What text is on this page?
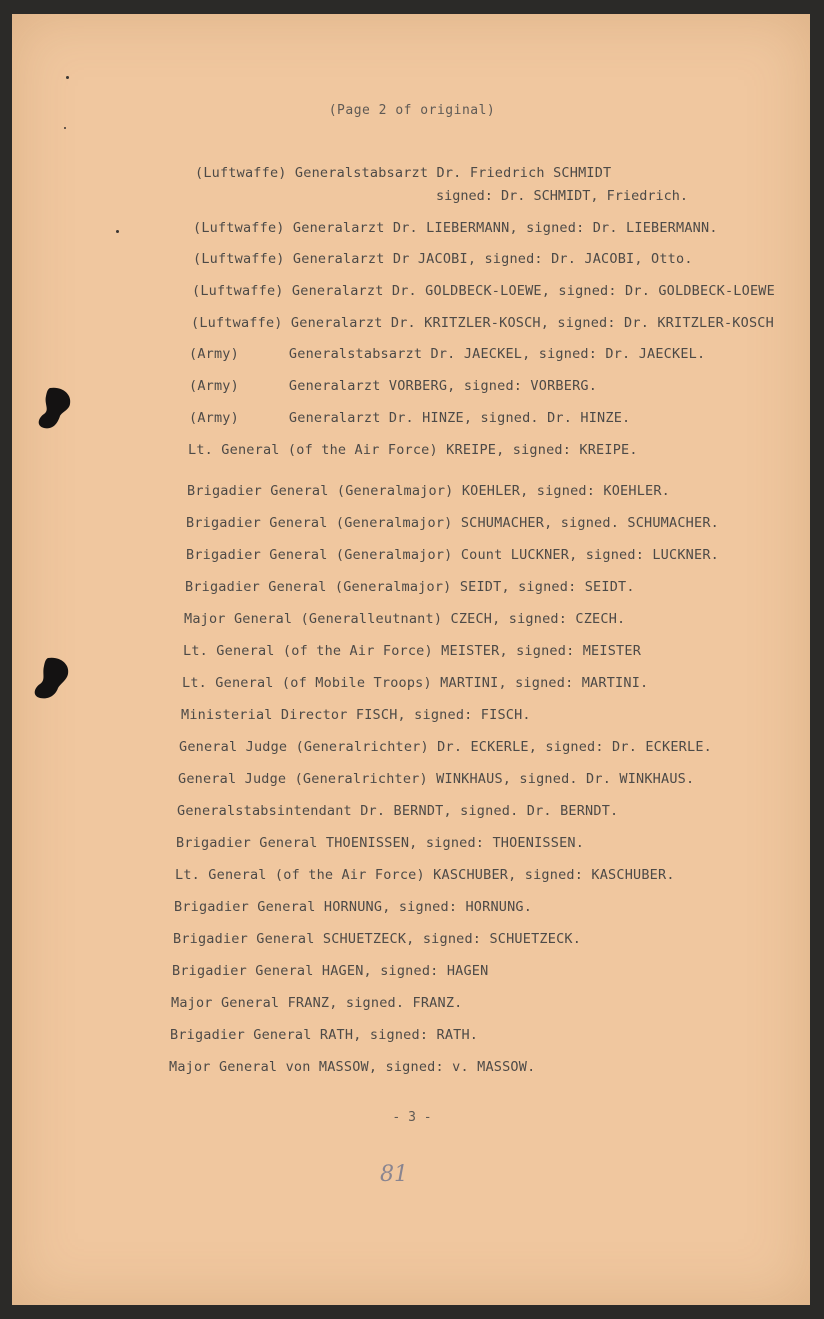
(Page 2 of original)
signed: Dr. SCHMIDT, Friedrich.
(Luftwaffe) Generalstabsarzt Dr. Friedrich SCHMIDT
(Luftwaffe) Generalarzt Dr. LIEBERMANN, signed: Dr. LIEBERMANN.
(Luftwaffe) Generalarzt Dr JACOBI, signed: Dr. JACOBI, Otto.
(Luftwaffe) Generalarzt Dr. GOLDBECK-LOEWE, signed: Dr. GOLDBECK-LOEWE
(Luftwaffe) Generalarzt Dr. KRITZLER-KOSCH, signed: Dr. KRITZLER-KOSCH
(Army)      Generalstabsarzt Dr. JAECKEL, signed: Dr. JAECKEL.
(Army)      Generalarzt VORBERG, signed: VORBERG.
(Army)      Generalarzt Dr. HINZE, signed. Dr. HINZE.
Lt. General (of the Air Force) KREIPE, signed: KREIPE.
Brigadier General (Generalmajor) KOEHLER, signed: KOEHLER.
Brigadier General (Generalmajor) SCHUMACHER, signed. SCHUMACHER.
Brigadier General (Generalmajor) Count LUCKNER, signed: LUCKNER.
Brigadier General (Generalmajor) SEIDT, signed: SEIDT.
Major General (Generalleutnant) CZECH, signed: CZECH.
Lt. General (of the Air Force) MEISTER, signed: MEISTER
Lt. General (of Mobile Troops) MARTINI, signed: MARTINI.
Ministerial Director FISCH, signed: FISCH.
General Judge (Generalrichter) Dr. ECKERLE, signed: Dr. ECKERLE.
General Judge (Generalrichter) WINKHAUS, signed. Dr. WINKHAUS.
Generalstabsintendant Dr. BERNDT, signed. Dr. BERNDT.
Brigadier General THOENISSEN, signed: THOENISSEN.
Lt. General (of the Air Force) KASCHUBER, signed: KASCHUBER.
Brigadier General HORNUNG, signed: HORNUNG.
Brigadier General SCHUETZECK, signed: SCHUETZECK.
Brigadier General HAGEN, signed: HAGEN
Major General FRANZ, signed. FRANZ.
Brigadier General RATH, signed: RATH.
Major General von MASSOW, signed: v. MASSOW.
- 3 -
81
